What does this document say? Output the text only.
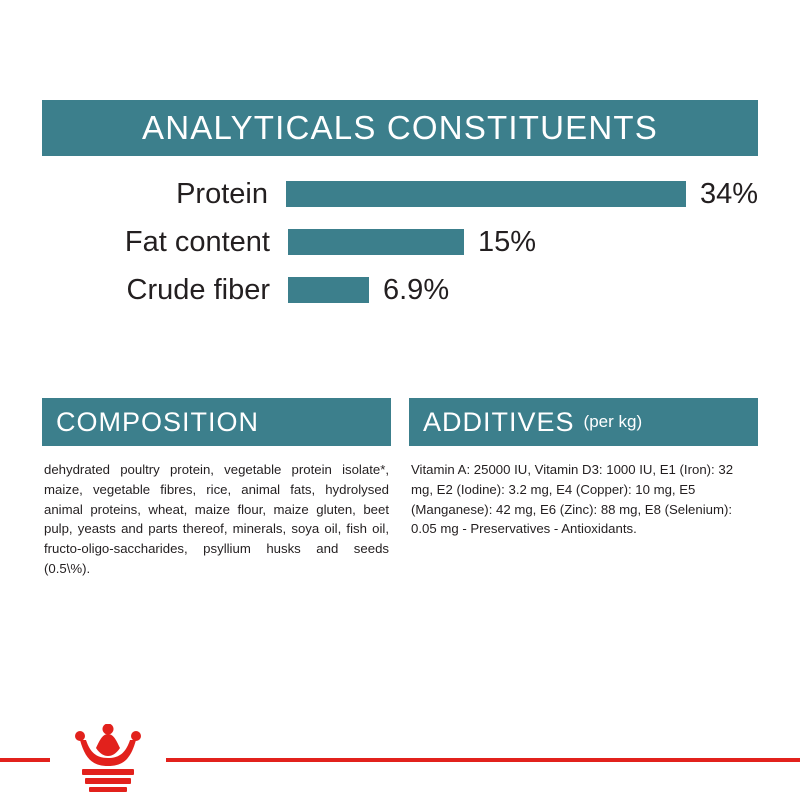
ANALYTICALS CONSTITUENTS
Protein	34%
Fat content	15%
Crude fiber	6.9%
COMPOSITION
dehydrated poultry protein, vegetable protein isolate*, maize, vegetable fibres, rice, animal fats, hydrolysed animal proteins, wheat, maize flour, maize gluten, beet pulp, yeasts and parts thereof, minerals, soya oil, fish oil, fructo-oligo-saccharides, psyllium husks and seeds (0.5\%).
ADDITIVES (per kg)
Vitamin A: 25000 IU, Vitamin D3: 1000 IU, E1 (Iron): 32 mg, E2 (Iodine): 3.2 mg, E4 (Copper): 10 mg, E5 (Manganese): 42 mg, E6 (Zinc): 88 mg, E8 (Selenium): 0.05 mg - Preservatives - Antioxidants.
